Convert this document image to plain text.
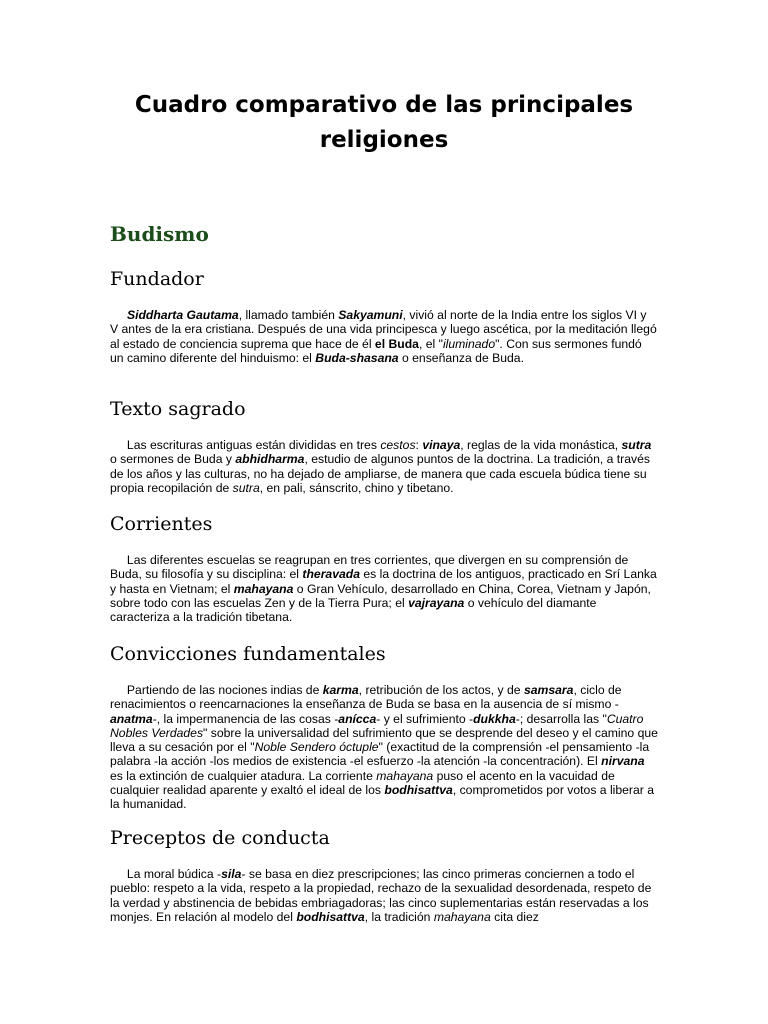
Cuadro comparativo de las principales religiones
Budismo
Fundador

Siddharta Gautama, llamado también Sakyamuni, vivió al norte de la India entre los siglos VI y V antes de la era cristiana. Después de una vida principesca y luego ascética, por la meditación llegó al estado de conciencia suprema que hace de él el Buda, el "iluminado". Con sus sermones fundó un camino diferente del hinduismo: el Buda-shasana o enseñanza de Buda.

Texto sagrado

Las escrituras antiguas están divididas en tres cestos: vinaya, reglas de la vida monástica, sutra o sermones de Buda y abhidharma, estudio de algunos puntos de la doctrina. La tradición, a través de los años y las culturas, no ha dejado de ampliarse, de manera que cada escuela búdica tiene su propia recopilación de sutra, en pali, sánscrito, chino y tibetano.

Corrientes

Las diferentes escuelas se reagrupan en tres corrientes, que divergen en su comprensión de Buda, su filosofía y su disciplina: el theravada es la doctrina de los antiguos, practicado en Srí Lanka y hasta en Vietnam; el mahayana o Gran Vehículo, desarrollado en China, Corea, Vietnam y Japón, sobre todo con las escuelas Zen y de la Tierra Pura; el vajrayana o vehículo del diamante caracteriza a la tradición tibetana.

Convicciones fundamentales

Partiendo de las nociones indias de karma, retribución de los actos, y de samsara, ciclo de renacimientos o reencarnaciones la enseñanza de Buda se basa en la ausencia de sí mismo -anatma-, la impermanencia de las cosas -anícca- y el sufrimiento -dukkha-; desarrolla las "Cuatro Nobles Verdades" sobre la universalidad del sufrimiento que se desprende del deseo y el camino que lleva a su cesación por el "Noble Sendero óctuple" (exactitud de la comprensión -el pensamiento -la palabra -la acción -los medios de existencia -el esfuerzo -la atención -la concentración). El nirvana es la extinción de cualquier atadura. La corriente mahayana puso el acento en la vacuidad de cualquier realidad aparente y exaltó el ideal de los bodhisattva, comprometidos por votos a liberar a la humanidad.

Preceptos de conducta

La moral búdica -sila- se basa en diez prescripciones; las cinco primeras conciernen a todo el pueblo: respeto a la vida, respeto a la propiedad, rechazo de la sexualidad desordenada, respeto de la verdad y abstinencia de bebidas embriagadoras; las cinco suplementarias están reservadas a los monjes. En relación al modelo del bodhisattva, la tradición mahayana cita diez
